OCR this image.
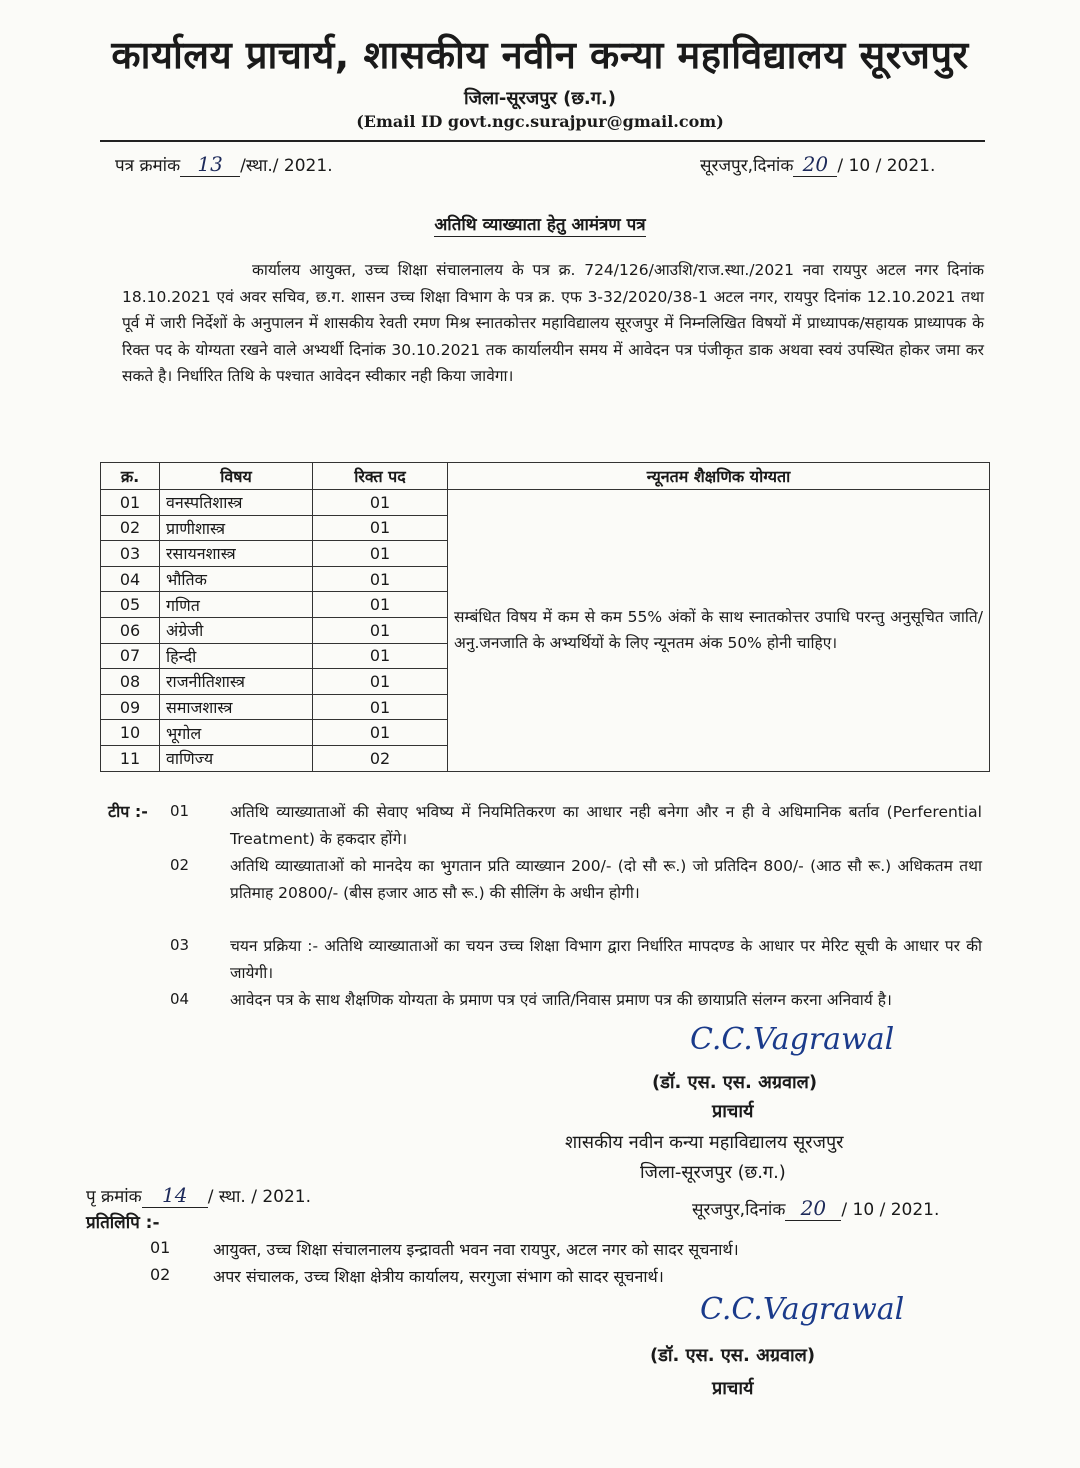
कार्यालय प्राचार्य, शासकीय नवीन कन्या महाविद्यालय सूरजपुर
जिला-सूरजपुर (छ.ग.)
(Email ID govt.ngc.surajpur@gmail.com)
पत्र क्रमांक 13 /स्था./ 2021.	सूरजपुर,दिनांक 20 / 10 / 2021.
अतिथि व्याख्याता हेतु आमंत्रण पत्र
कार्यालय आयुक्त, उच्च शिक्षा संचालनालय के पत्र क्र. 724/126/आउशि/राज.स्था./2021 नवा रायपुर अटल नगर दिनांक 18.10.2021 एवं अवर सचिव, छ.ग. शासन उच्च शिक्षा विभाग के पत्र क्र. एफ 3-32/2020/38-1 अटल नगर, रायपुर दिनांक 12.10.2021 तथा पूर्व में जारी निर्देशों के अनुपालन में शासकीय रेवती रमण मिश्र स्नातकोत्तर महाविद्यालय सूरजपुर में निम्नलिखित विषयों में प्राध्यापक/सहायक प्राध्यापक के रिक्त पद के योग्यता रखने वाले अभ्यर्थी दिनांक 30.10.2021 तक कार्यालयीन समय में आवेदन पत्र पंजीकृत डाक अथवा स्वयं उपस्थित होकर जमा कर सकते है। निर्धारित तिथि के पश्चात आवेदन स्वीकार नही किया जावेगा।
क्र.	विषय	रिक्त पद	न्यूनतम शैक्षणिक योग्यता
01	वनस्पतिशास्त्र	01	सम्बंधित विषय में कम से कम 55% अंकों के साथ स्नातकोत्तर उपाधि परन्तु अनुसूचित जाति/ अनु.जनजाति के अभ्यर्थियों के लिए न्यूनतम अंक 50% होनी चाहिए।
02	प्राणीशास्त्र	01	
03	रसायनशास्त्र	01	
04	भौतिक	01	
05	गणित	01	
06	अंग्रेजी	01	
07	हिन्दी	01	
08	राजनीतिशास्त्र	01	
09	समाजशास्त्र	01	
10	भूगोल	01	
11	वाणिज्य	02	
टीप :- 01	अतिथि व्याख्याताओं की सेवाए भविष्य में नियमितिकरण का आधार नही बनेगा और न ही वे अधिमानिक बर्ताव (Perferential Treatment) के हकदार होंगे।
02	अतिथि व्याख्याताओं को मानदेय का भुगतान प्रति व्याख्यान 200/- (दो सौ रू.) जो प्रतिदिन 800/- (आठ सौ रू.) अधिकतम तथा प्रतिमाह 20800/- (बीस हजार आठ सौ रू.) की सीलिंग के अधीन होगी।
03	चयन प्रक्रिया :- अतिथि व्याख्याताओं का चयन उच्च शिक्षा विभाग द्वारा निर्धारित मापदण्ड के आधार पर मेरिट सूची के आधार पर की जायेगी।
04	आवेदन पत्र के साथ शैक्षणिक योग्यता के प्रमाण पत्र एवं जाति/निवास प्रमाण पत्र की छायाप्रति संलग्न करना अनिवार्य है।
C.C.Vagrawal
(डॉ. एस. एस. अग्रवाल)
प्राचार्य
शासकीय नवीन कन्या महाविद्यालय सूरजपुर
जिला-सूरजपुर (छ.ग.)
पृ क्रमांक 14 / स्था. / 2021.
प्रतिलिपि :-
सूरजपुर,दिनांक 20 / 10 / 2021.
01	आयुक्त, उच्च शिक्षा संचालनालय इन्द्रावती भवन नवा रायपुर, अटल नगर को सादर सूचनार्थ।
02	अपर संचालक, उच्च शिक्षा क्षेत्रीय कार्यालय, सरगुजा संभाग को सादर सूचनार्थ।
C.C.Vagrawal
(डॉ. एस. एस. अग्रवाल)
प्राचार्य
